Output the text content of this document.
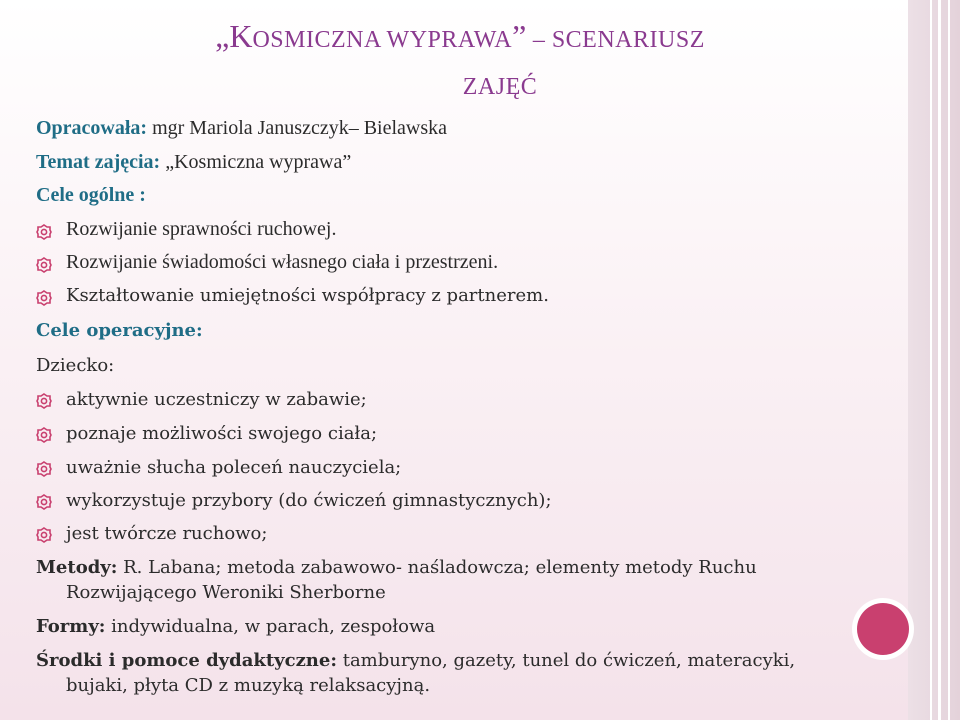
„KOSMICZNA WYPRAWA” – SCENARIUSZ
ZAJĘĆ
Opracowała: mgr Mariola Januszczyk– Bielawska
Temat zajęcia: „Kosmiczna wyprawa”
Cele ogólne :
Rozwijanie sprawności ruchowej.
Rozwijanie świadomości własnego ciała i przestrzeni.
Kształtowanie umiejętności współpracy z partnerem.
Cele operacyjne:
Dziecko:
aktywnie uczestniczy w zabawie;
poznaje możliwości swojego ciała;
uważnie słucha poleceń nauczyciela;
wykorzystuje przybory (do ćwiczeń gimnastycznych);
jest twórcze ruchowo;
Metody: R. Labana; metoda zabawowo- naśladowcza; elementy metody Ruchu
Rozwijającego Weroniki Sherborne
Formy: indywidualna, w parach, zespołowa
Środki i pomoce dydaktyczne: tamburyno, gazety, tunel do ćwiczeń, materacyki,
bujaki, płyta CD z muzyką relaksacyjną.
